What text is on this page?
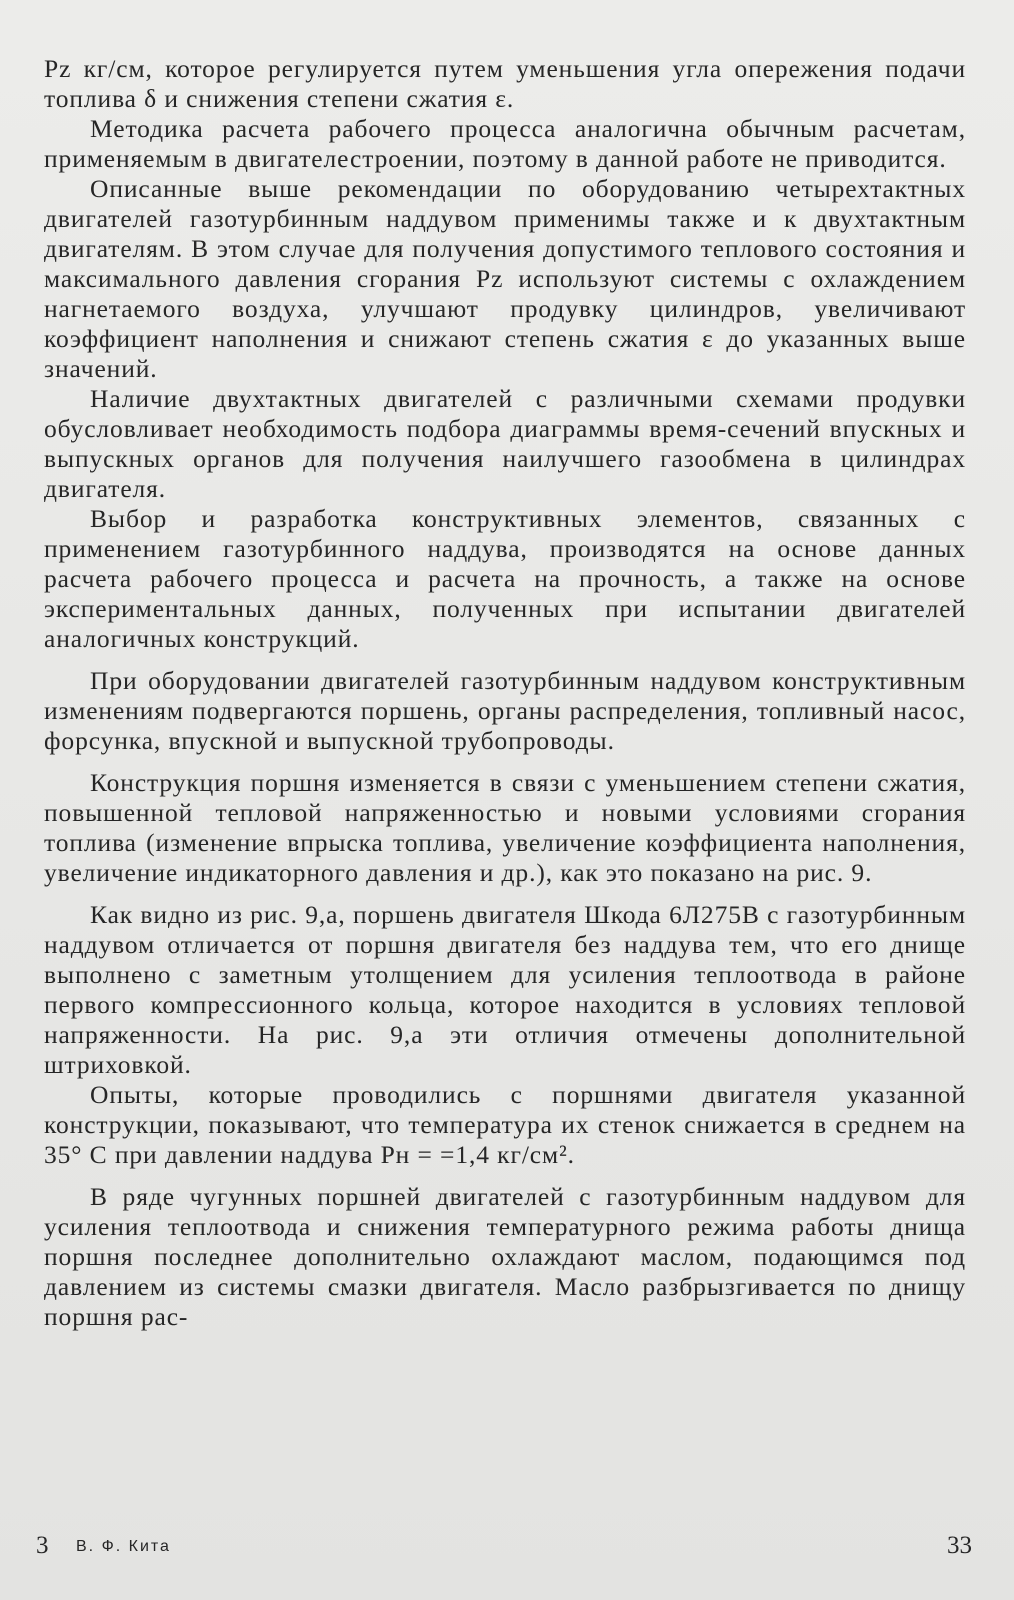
Pz кг/см, которое регулируется путем уменьшения угла опережения подачи топлива δ и снижения степени сжатия ε.

Методика расчета рабочего процесса аналогична обычным расчетам, применяемым в двигателестроении, поэтому в данной работе не приводится.

Описанные выше рекомендации по оборудованию четырехтактных двигателей газотурбинным наддувом применимы также и к двухтактным двигателям. В этом случае для получения допустимого теплового состояния и максимального давления сгорания Pz используют системы с охлаждением нагнетаемого воздуха, улучшают продувку цилиндров, увеличивают коэффициент наполнения и снижают степень сжатия ε до указанных выше значений.

Наличие двухтактных двигателей с различными схемами продувки обусловливает необходимость подбора диаграммы время-сечений впускных и выпускных органов для получения наилучшего газообмена в цилиндрах двигателя.

Выбор и разработка конструктивных элементов, связанных с применением газотурбинного наддува, производятся на основе данных расчета рабочего процесса и расчета на прочность, а также на основе экспериментальных данных, полученных при испытании двигателей аналогичных конструкций.

При оборудовании двигателей газотурбинным наддувом конструктивным изменениям подвергаются поршень, органы распределения, топливный насос, форсунка, впускной и выпускной трубопроводы.

Конструкция поршня изменяется в связи с уменьшением степени сжатия, повышенной тепловой напряженностью и новыми условиями сгорания топлива (изменение впрыска топлива, увеличение коэффициента наполнения, увеличение индикаторного давления и др.), как это показано на рис. 9.

Как видно из рис. 9,а, поршень двигателя Шкода 6Л275В с газотурбинным наддувом отличается от поршня двигателя без наддува тем, что его днище выполнено с заметным утолщением для усиления теплоотвода в районе первого компрессионного кольца, которое находится в условиях тепловой напряженности. На рис. 9,а эти отличия отмечены дополнительной штриховкой.

Опыты, которые проводились с поршнями двигателя указанной конструкции, показывают, что температура их стенок снижается в среднем на 35° С при давлении наддува Pн = =1,4 кг/см².

В ряде чугунных поршней двигателей с газотурбинным наддувом для усиления теплоотвода и снижения температурного режима работы днища поршня последнее дополнительно охлаждают маслом, подающимся под давлением из системы смазки двигателя. Масло разбрызгивается по днищу поршня рас-

3 В. Ф. Кита	33
